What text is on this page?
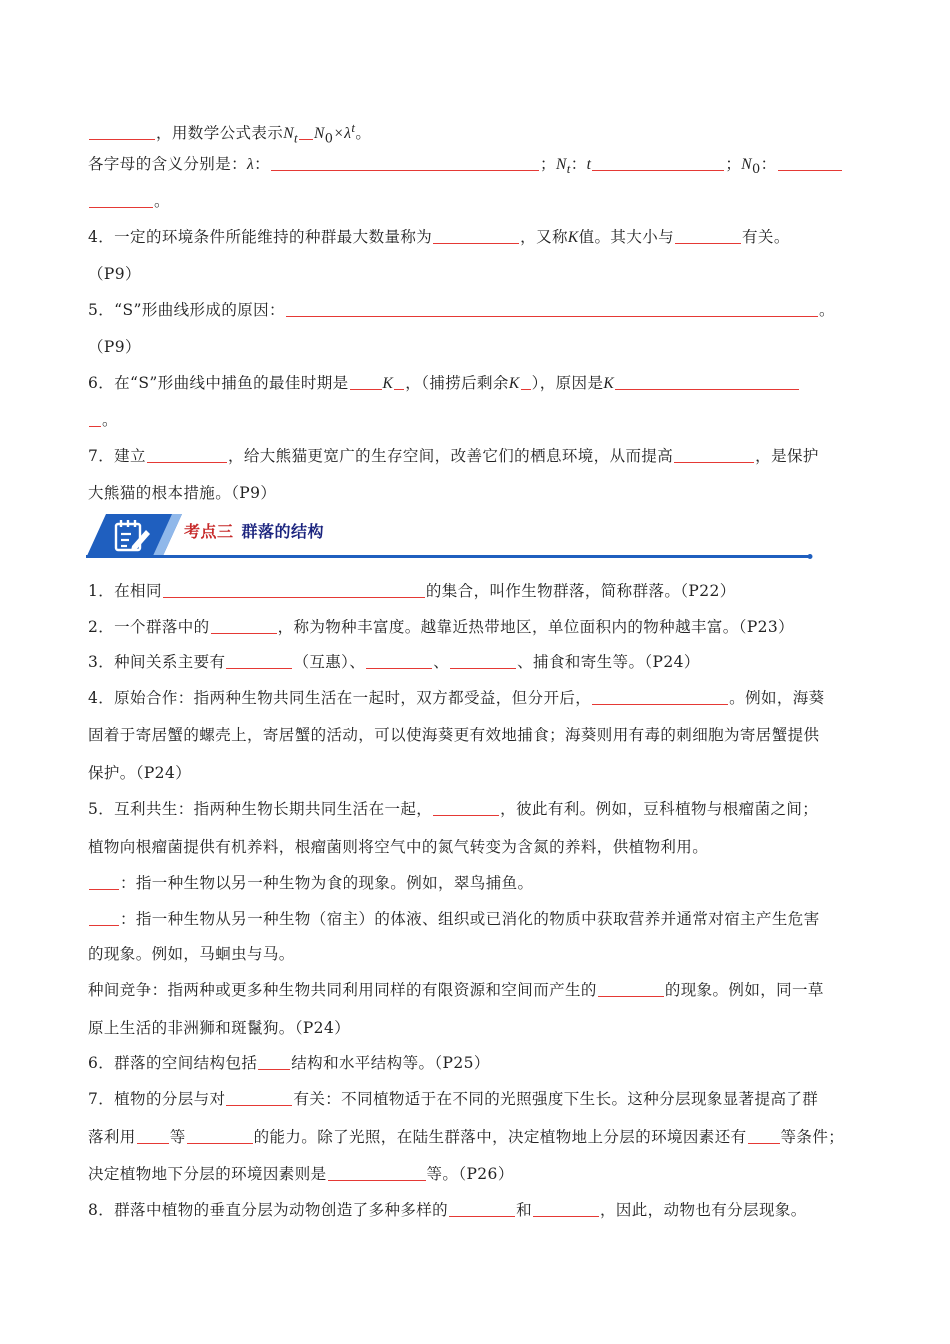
，用数学公式表示$N_t$ $N_0\times\lambda^t$。
各字母的含义分别是：λ：	；$N_t$：t	；$N_0$：
。
4．一定的环境条件所能维持的种群最大数量称为	，又称K值。其大小与	有关。
（P9）
5．“S”形曲线形成的原因：	。
（P9）
6．在“S”形曲线中捕鱼的最佳时期是 K ，（捕捞后剩余K ），原因是K
。
7．建立	，给大熊猫更宽广的生存空间，改善它们的栖息环境，从而提高	，是保护
大熊猫的根本措施。（P9）
考点三 群落的结构
1．在相同	的集合，叫作生物群落，简称群落。（P22）
2．一个群落中的	，称为物种丰富度。越靠近热带地区，单位面积内的物种越丰富。（P23）
3．种间关系主要有	（互惠）、	、	、捕食和寄生等。（P24）
4．原始合作：指两种生物共同生活在一起时，双方都受益，但分开后，	。例如，海葵
固着于寄居蟹的螺壳上，寄居蟹的活动，可以使海葵更有效地捕食；海葵则用有毒的刺细胞为寄居蟹提供
保护。（P24）
5．互利共生：指两种生物长期共同生活在一起，	，彼此有利。例如，豆科植物与根瘤菌之间；
植物向根瘤菌提供有机养料，根瘤菌则将空气中的氮气转变为含氮的养料，供植物利用。
：指一种生物以另一种生物为食的现象。例如，翠鸟捕鱼。
：指一种生物从另一种生物（宿主）的体液、组织或已消化的物质中获取营养并通常对宿主产生危害
的现象。例如，马蛔虫与马。
种间竞争：指两种或更多种生物共同利用同样的有限资源和空间而产生的	的现象。例如，同一草
原上生活的非洲狮和斑鬣狗。（P24）
6．群落的空间结构包括 结构和水平结构等。（P25）
7．植物的分层与对	有关：不同植物适于在不同的光照强度下生长。这种分层现象显著提高了群
落利用 等	的能力。除了光照，在陆生群落中，决定植物地上分层的环境因素还有 等条件；
决定植物地下分层的环境因素则是	等。（P26）
8．群落中植物的垂直分层为动物创造了多种多样的	和	，因此，动物也有分层现象。
